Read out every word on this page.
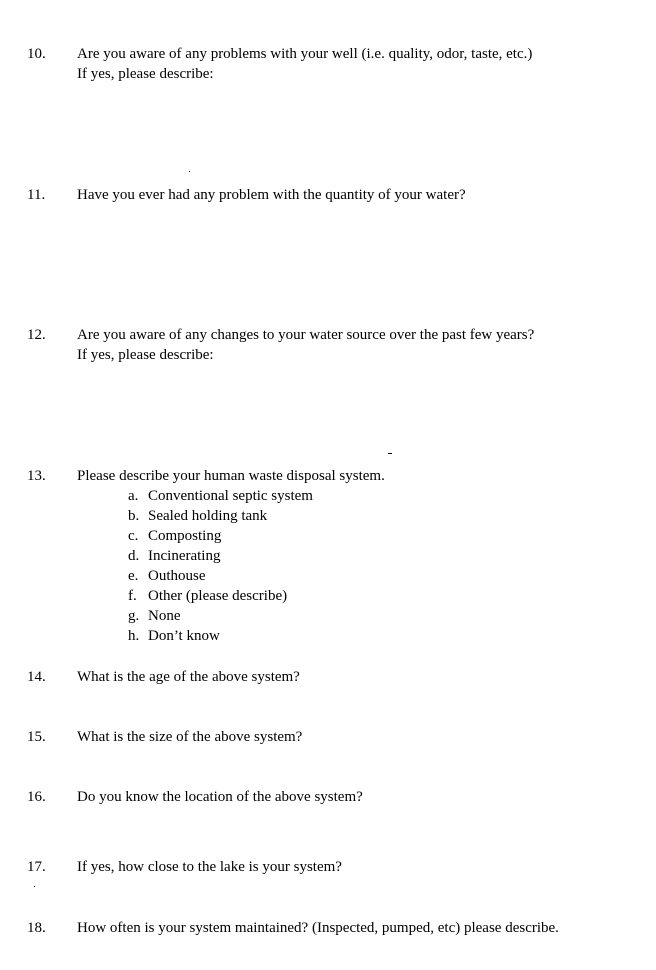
10. Are you aware of any problems with your well (i.e. quality, odor, taste, etc.)
If yes, please describe:
11. Have you ever had any problem with the quantity of your water?
12. Are you aware of any changes to your water source over the past few years?
If yes, please describe:
13. Please describe your human waste disposal system.
a. Conventional septic system
b. Sealed holding tank
c. Composting
d. Incinerating
e. Outhouse
f. Other (please describe)
g. None
h. Don’t know
14. What is the age of the above system?
15. What is the size of the above system?
16. Do you know the location of the above system?
17. If yes, how close to the lake is your system?
18. How often is your system maintained? (Inspected, pumped, etc) please describe.
